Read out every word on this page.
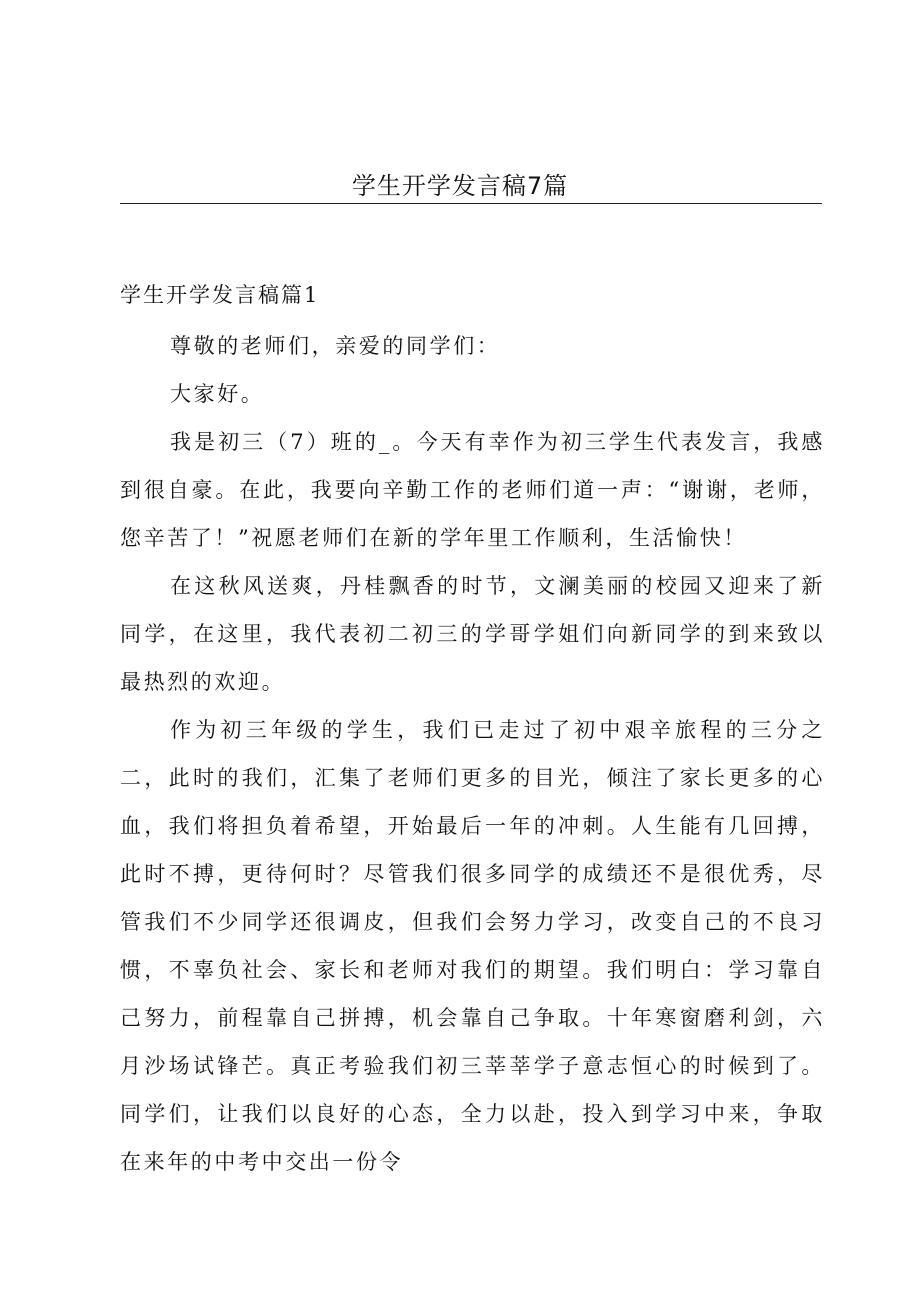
学生开学发言稿7篇
学生开学发言稿篇1

尊敬的老师们，亲爱的同学们：

大家好。

我是初三（7）班的_。今天有幸作为初三学生代表发言，我感到很自豪。在此，我要向辛勤工作的老师们道一声：“谢谢，老师，您辛苦了！”祝愿老师们在新的学年里工作顺利，生活愉快！

在这秋风送爽，丹桂飘香的时节，文澜美丽的校园又迎来了新同学，在这里，我代表初二初三的学哥学姐们向新同学的到来致以最热烈的欢迎。

作为初三年级的学生，我们已走过了初中艰辛旅程的三分之二，此时的我们，汇集了老师们更多的目光，倾注了家长更多的心血，我们将担负着希望，开始最后一年的冲刺。人生能有几回搏，此时不搏，更待何时？尽管我们很多同学的成绩还不是很优秀，尽管我们不少同学还很调皮，但我们会努力学习，改变自己的不良习惯，不辜负社会、家长和老师对我们的期望。我们明白：学习靠自己努力，前程靠自己拼搏，机会靠自己争取。十年寒窗磨利剑，六月沙场试锋芒。真正考验我们初三莘莘学子意志恒心的时候到了。同学们，让我们以良好的心态，全力以赴，投入到学习中来，争取在来年的中考中交出一份令
